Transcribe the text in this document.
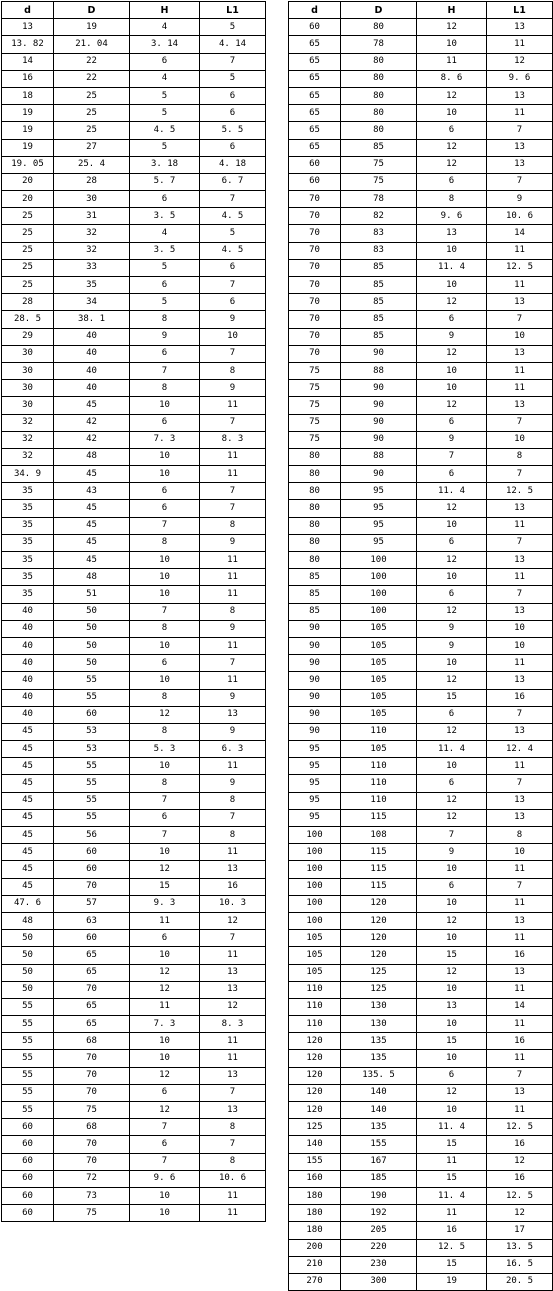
d	D	H	L1
13	19	4	5
13. 82	21. 04	3. 14	4. 14
14	22	6	7
16	22	4	5
18	25	5	6
19	25	5	6
19	25	4. 5	5. 5
19	27	5	6
19. 05	25. 4	3. 18	4. 18
20	28	5. 7	6. 7
20	30	6	7
25	31	3. 5	4. 5
25	32	4	5
25	32	3. 5	4. 5
25	33	5	6
25	35	6	7
28	34	5	6
28. 5	38. 1	8	9
29	40	9	10
30	40	6	7
30	40	7	8
30	40	8	9
30	45	10	11
32	42	6	7
32	42	7. 3	8. 3
32	48	10	11
34. 9	45	10	11
35	43	6	7
35	45	6	7
35	45	7	8
35	45	8	9
35	45	10	11
35	48	10	11
35	51	10	11
40	50	7	8
40	50	8	9
40	50	10	11
40	50	6	7
40	55	10	11
40	55	8	9
40	60	12	13
45	53	8	9
45	53	5. 3	6. 3
45	55	10	11
45	55	8	9
45	55	7	8
45	55	6	7
45	56	7	8
45	60	10	11
45	60	12	13
45	70	15	16
47. 6	57	9. 3	10. 3
48	63	11	12
50	60	6	7
50	65	10	11
50	65	12	13
50	70	12	13
55	65	11	12
55	65	7. 3	8. 3
55	68	10	11
55	70	10	11
55	70	12	13
55	70	6	7
55	75	12	13
60	68	7	8
60	70	6	7
60	70	7	8
60	72	9. 6	10. 6
60	73	10	11
60	75	10	11
d	D	H	L1
60	80	12	13
65	78	10	11
65	80	11	12
65	80	8. 6	9. 6
65	80	12	13
65	80	10	11
65	80	6	7
65	85	12	13
60	75	12	13
60	75	6	7
70	78	8	9
70	82	9. 6	10. 6
70	83	13	14
70	83	10	11
70	85	11. 4	12. 5
70	85	10	11
70	85	12	13
70	85	6	7
70	85	9	10
70	90	12	13
75	88	10	11
75	90	10	11
75	90	12	13
75	90	6	7
75	90	9	10
80	88	7	8
80	90	6	7
80	95	11. 4	12. 5
80	95	12	13
80	95	10	11
80	95	6	7
80	100	12	13
85	100	10	11
85	100	6	7
85	100	12	13
90	105	9	10
90	105	9	10
90	105	10	11
90	105	12	13
90	105	15	16
90	105	6	7
90	110	12	13
95	105	11. 4	12. 4
95	110	10	11
95	110	6	7
95	110	12	13
95	115	12	13
100	108	7	8
100	115	9	10
100	115	10	11
100	115	6	7
100	120	10	11
100	120	12	13
105	120	10	11
105	120	15	16
105	125	12	13
110	125	10	11
110	130	13	14
110	130	10	11
120	135	15	16
120	135	10	11
120	135. 5	6	7
120	140	12	13
120	140	10	11
125	135	11. 4	12. 5
140	155	15	16
155	167	11	12
160	185	15	16
180	190	11. 4	12. 5
180	192	11	12
180	205	16	17
200	220	12. 5	13. 5
210	230	15	16. 5
270	300	19	20. 5
